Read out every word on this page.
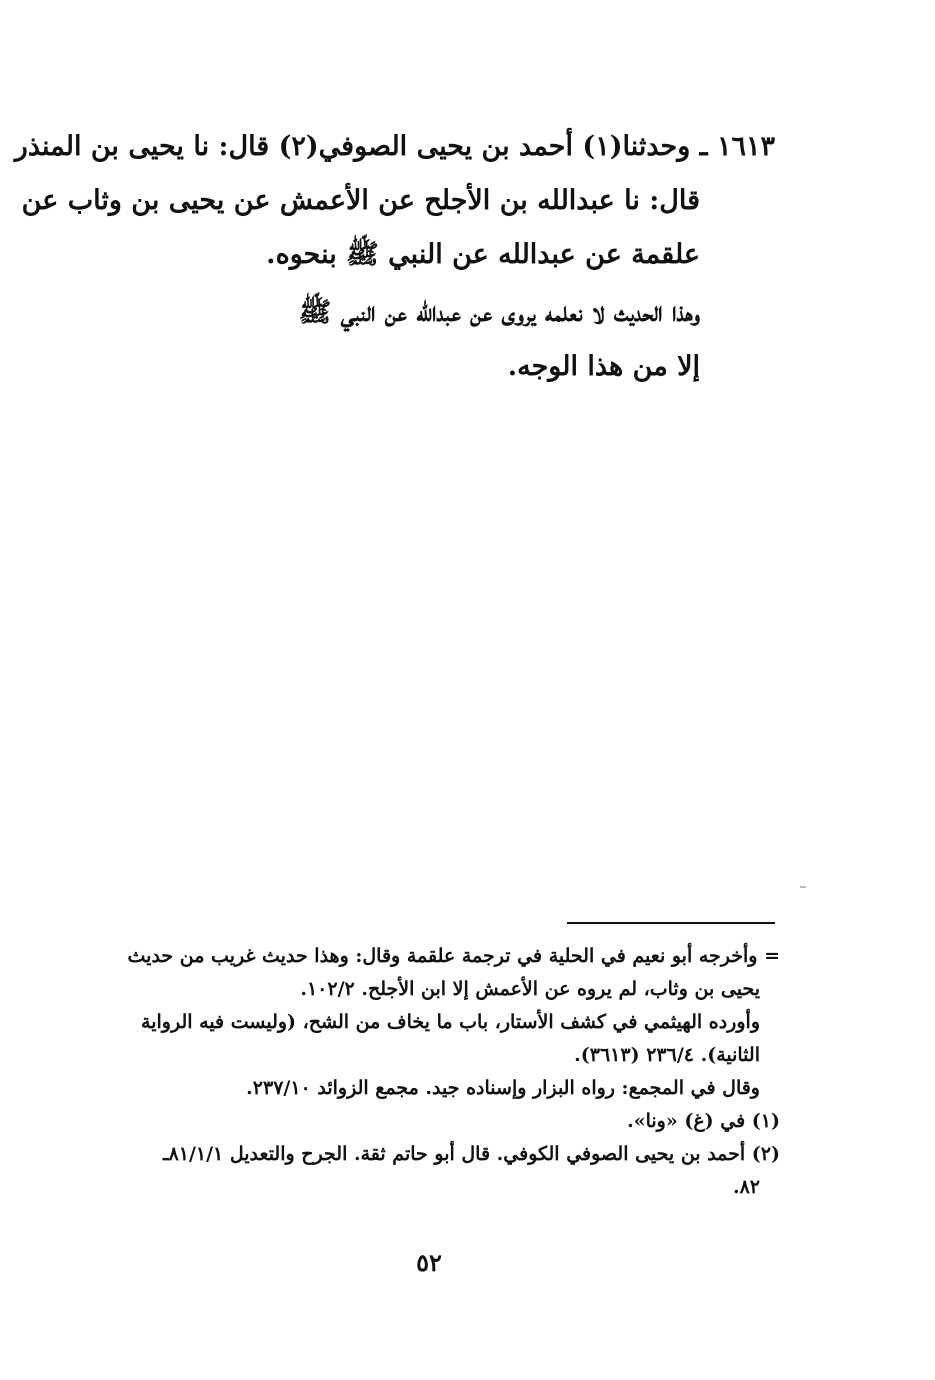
١٦١٣ ـ وحدثنا(١) أحمد بن يحيى الصوفي(٢) قال: نا يحيى بن المنذر
قال: نا عبدالله بن الأجلح عن الأعمش عن يحيى بن وثاب عن
علقمة عن عبدالله عن النبي ﷺ بنحوه.
وهذا الحديث لا نعلمه يروى عن عبدالله عن النبي ﷺ
إلا من هذا الوجه.
= وأخرجه أبو نعيم في الحلية في ترجمة علقمة وقال: وهذا حديث غريب من حديث
يحيى بن وثاب، لم يروه عن الأعمش إلا ابن الأجلح. ١٠٢/٢.
وأورده الهيثمي في كشف الأستار، باب ما يخاف من الشح، (وليست فيه الرواية
الثانية). ٢٣٦/٤ (٣٦١٣).
وقال في المجمع: رواه البزار وإسناده جيد. مجمع الزوائد ٢٣٧/١٠.
(١) في (غ) «ونا».
(٢) أحمد بن يحيى الصوفي الكوفي. قال أبو حاتم ثقة. الجرح والتعديل ٨١/١/١ـ
٨٢.
٥٢
